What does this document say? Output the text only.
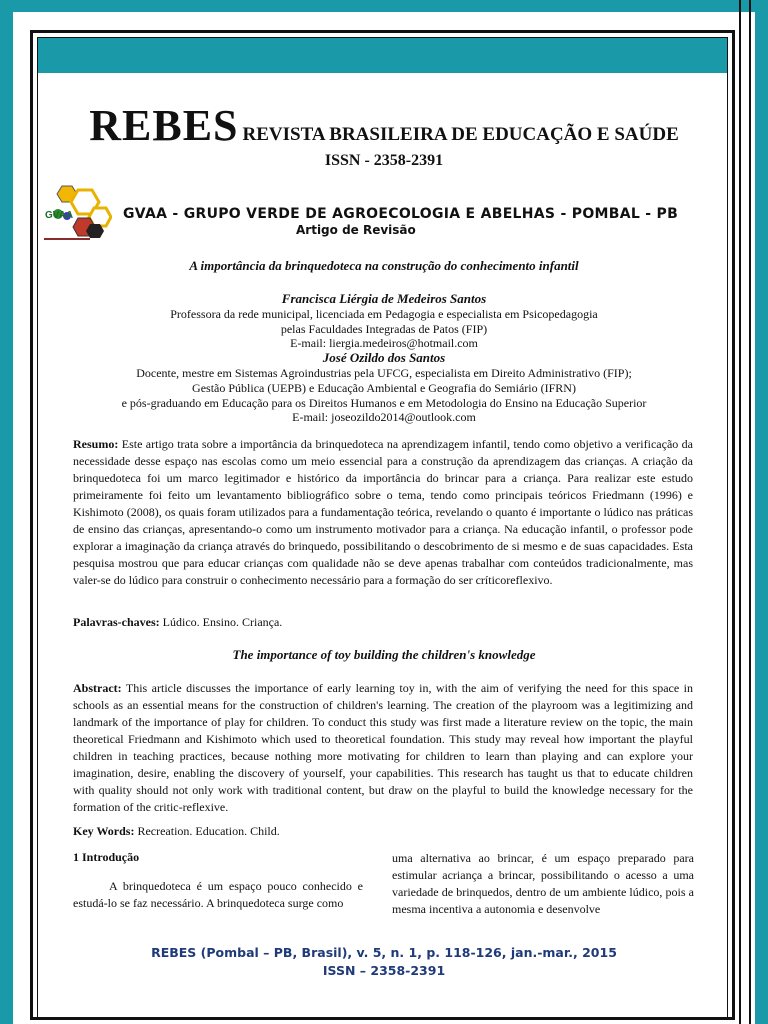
REBES REVISTA BRASILEIRA DE EDUCAÇÃO E SAÚDE
ISSN - 2358-2391
GVAA	GVAA - GRUPO VERDE DE AGROECOLOGIA E ABELHAS - POMBAL - PB
Artigo de Revisão
A importância da brinquedoteca na construção do conhecimento infantil
Francisca Liérgia de Medeiros Santos
Professora da rede municipal, licenciada em Pedagogia e especialista em Psicopedagogia
pelas Faculdades Integradas de Patos (FIP)
E-mail: liergia.medeiros@hotmail.com
José Ozildo dos Santos
Docente, mestre em Sistemas Agroindustrias pela UFCG, especialista em Direito Administrativo (FIP);
Gestão Pública (UEPB) e Educação Ambiental e Geografia do Semiário (IFRN)
e pós-graduando em Educação para os Direitos Humanos e em Metodologia do Ensino na Educação Superior
E-mail: joseozildo2014@outlook.com
Resumo: Este artigo trata sobre a importância da brinquedoteca na aprendizagem infantil, tendo como objetivo a verificação da necessidade desse espaço nas escolas como um meio essencial para a construção da aprendizagem das crianças. A criação da brinquedoteca foi um marco legitimador e histórico da importância do brincar para a criança. Para realizar este estudo primeiramente foi feito um levantamento bibliográfico sobre o tema, tendo como principais teóricos Friedmann (1996) e Kishimoto (2008), os quais foram utilizados para a fundamentação teórica, revelando o quanto é importante o lúdico nas práticas de ensino das crianças, apresentando-o como um instrumento motivador para a criança. Na educação infantil, o professor pode explorar a imaginação da criança através do brinquedo, possibilitando o descobrimento de si mesmo e de suas capacidades. Esta pesquisa mostrou que para educar crianças com qualidade não se deve apenas trabalhar com conteúdos tradicionalmente, mas valer-se do lúdico para construir o conhecimento necessário para a formação do ser críticoreflexivo.
Palavras-chaves: Lúdico. Ensino. Criança.
The importance of toy building the children's knowledge
Abstract: This article discusses the importance of early learning toy in, with the aim of verifying the need for this space in schools as an essential means for the construction of children's learning. The creation of the playroom was a legitimizing and landmark of the importance of play for children. To conduct this study was first made a literature review on the topic, the main theoretical Friedmann and Kishimoto which used to theoretical foundation. This study may reveal how important the playful children in teaching practices, because nothing more motivating for children to learn than playing and can explore your imagination, desire, enabling the discovery of yourself, your capabilities. This research has taught us that to educate children with quality should not only work with traditional content, but draw on the playful to build the knowledge necessary for the formation of the critic-reflexive.
Key Words: Recreation. Education. Child.
1 Introdução
A brinquedoteca é um espaço pouco conhecido e estudá-lo se faz necessário. A brinquedoteca surge como
uma alternativa ao brincar, é um espaço preparado para estimular acriança a brincar, possibilitando o acesso a uma variedade de brinquedos, dentro de um ambiente lúdico, pois a mesma incentiva a autonomia e desenvolve
REBES (Pombal – PB, Brasil), v. 5, n. 1, p. 118-126, jan.-mar., 2015
ISSN – 2358-2391
